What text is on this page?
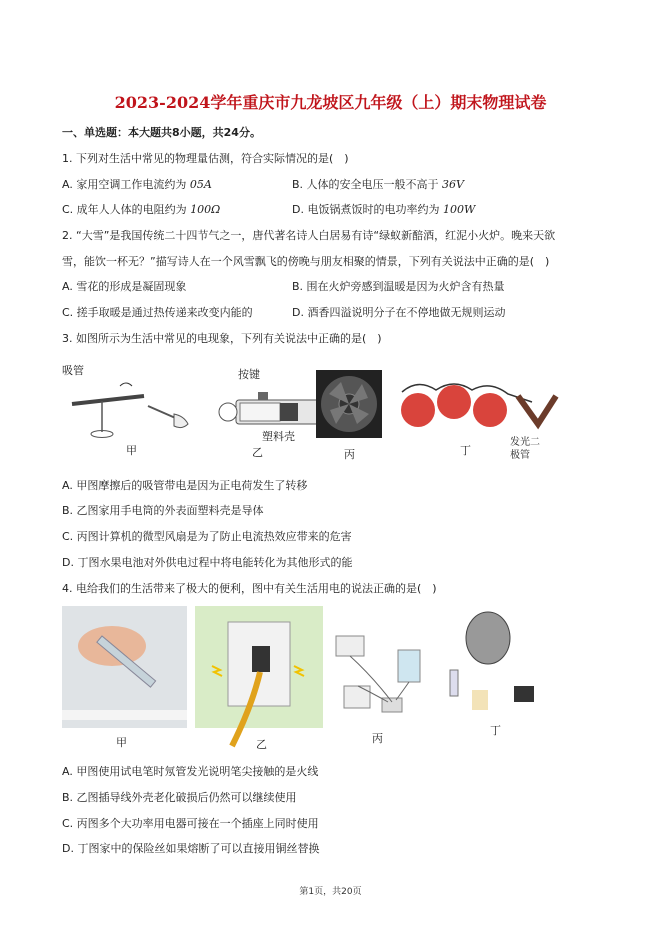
2023-2024学年重庆市九龙坡区九年级（上）期末物理试卷
一、单选题：本大题共8小题，共24分。
1. 下列对生活中常见的物理量估测，符合实际情况的是(　)
A. 家用空调工作电流约为 05A	B. 人体的安全电压一般不高于 36V
C. 成年人人体的电阻约为 100Ω	D. 电饭锅煮饭时的电功率约为 100W
2. “大雪”是我国传统二十四节气之一，唐代著名诗人白居易有诗“绿蚁新醅酒，红泥小火炉。晚来天欲
雪，能饮一杯无？”描写诗人在一个风雪飘飞的傍晚与朋友相聚的情景，下列有关说法中正确的是(　)
A. 雪花的形成是凝固现象	B. 围在火炉旁感到温暖是因为火炉含有热量
C. 搓手取暖是通过热传递来改变内能的	D. 酒香四溢说明分子在不停地做无规则运动
3. 如图所示为生活中常见的电现象，下列有关说法中正确的是(　)
吸管	按键
塑料壳	发光二极管
甲	乙	丙	丁
A. 甲图摩擦后的吸管带电是因为正电荷发生了转移
B. 乙图家用手电筒的外表面塑料壳是导体
C. 丙图计算机的微型风扇是为了防止电流热效应带来的危害
D. 丁图水果电池对外供电过程中将电能转化为其他形式的能
4. 电给我们的生活带来了极大的便利，图中有关生活用电的说法正确的是(　)
甲	乙	丙
丁
A. 甲图使用试电笔时氖管发光说明笔尖接触的是火线
B. 乙图插导线外壳老化破损后仍然可以继续使用
C. 丙图多个大功率用电器可接在一个插座上同时使用
D. 丁图家中的保险丝如果熔断了可以直接用铜丝替换
第1页，共20页
